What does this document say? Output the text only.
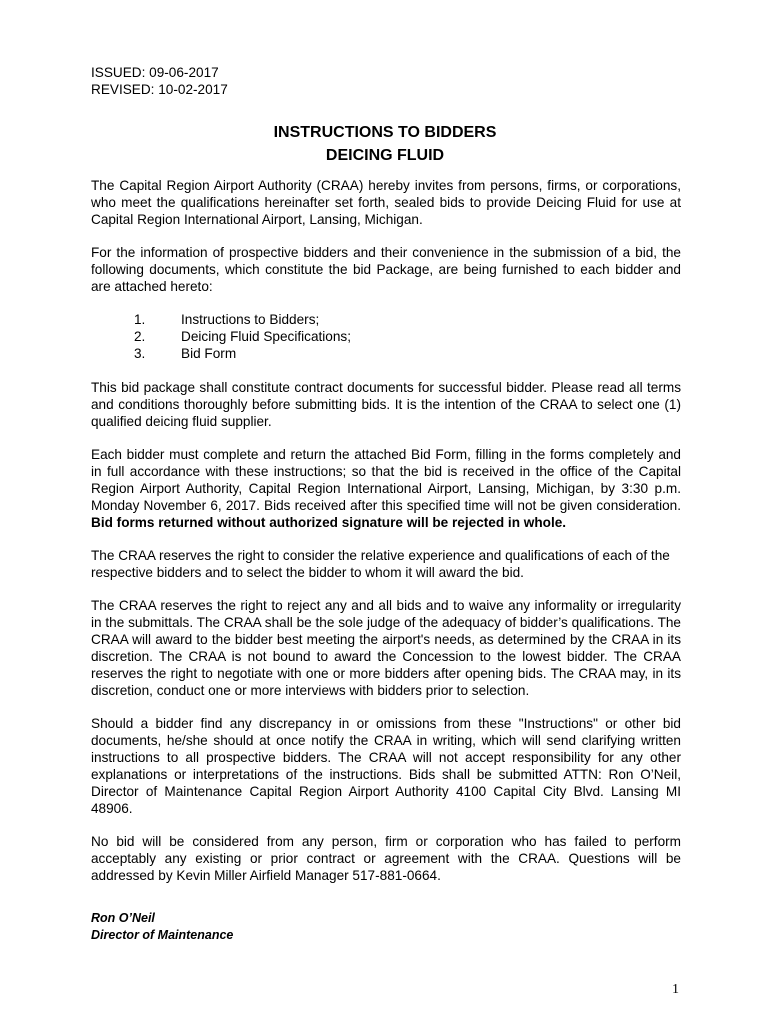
ISSUED: 09-06-2017
REVISED: 10-02-2017
INSTRUCTIONS TO BIDDERS
DEICING FLUID

The Capital Region Airport Authority (CRAA) hereby invites from persons, firms, or corporations, who meet the qualifications hereinafter set forth, sealed bids to provide Deicing Fluid for use at Capital Region International Airport, Lansing, Michigan.

For the information of prospective bidders and their convenience in the submission of a bid, the following documents, which constitute the bid Package, are being furnished to each bidder and are attached hereto:

1.	Instructions to Bidders;
2.	Deicing Fluid Specifications;
3.	Bid Form

This bid package shall constitute contract documents for successful bidder. Please read all terms and conditions thoroughly before submitting bids. It is the intention of the CRAA to select one (1) qualified deicing fluid supplier.

Each bidder must complete and return the attached Bid Form, filling in the forms completely and in full accordance with these instructions; so that the bid is received in the office of the Capital Region Airport Authority, Capital Region International Airport, Lansing, Michigan, by 3:30 p.m. Monday November 6, 2017. Bids received after this specified time will not be given consideration. Bid forms returned without authorized signature will be rejected in whole.

The CRAA reserves the right to consider the relative experience and qualifications of each of the respective bidders and to select the bidder to whom it will award the bid.

The CRAA reserves the right to reject any and all bids and to waive any informality or irregularity in the submittals. The CRAA shall be the sole judge of the adequacy of bidder’s qualifications. The CRAA will award to the bidder best meeting the airport's needs, as determined by the CRAA in its discretion. The CRAA is not bound to award the Concession to the lowest bidder. The CRAA reserves the right to negotiate with one or more bidders after opening bids. The CRAA may, in its discretion, conduct one or more interviews with bidders prior to selection.

Should a bidder find any discrepancy in or omissions from these "Instructions" or other bid documents, he/she should at once notify the CRAA in writing, which will send clarifying written instructions to all prospective bidders. The CRAA will not accept responsibility for any other explanations or interpretations of the instructions. Bids shall be submitted ATTN: Ron O’Neil, Director of Maintenance Capital Region Airport Authority 4100 Capital City Blvd. Lansing MI 48906.

No bid will be considered from any person, firm or corporation who has failed to perform acceptably any existing or prior contract or agreement with the CRAA. Questions will be addressed by Kevin Miller Airfield Manager 517-881-0664.

Ron O’Neil
Director of Maintenance
1
